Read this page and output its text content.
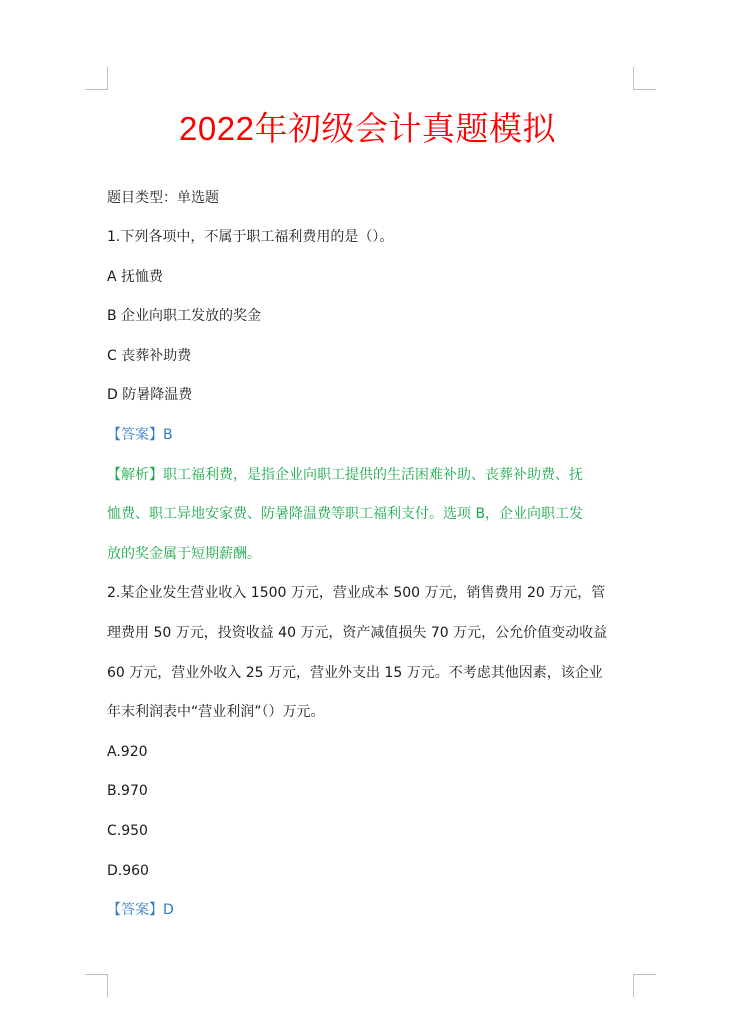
2022年初级会计真题模拟

题目类型：单选题

1.下列各项中，不属于职工福利费用的是（）。

A 抚恤费

B 企业向职工发放的奖金

C 丧葬补助费

D 防暑降温费

【答案】B

【解析】职工福利费，是指企业向职工提供的生活困难补助、丧葬补助费、抚

恤费、职工异地安家费、防暑降温费等职工福利支付。选项 B，企业向职工发

放的奖金属于短期薪酬。

2.某企业发生营业收入 1500 万元，营业成本 500 万元，销售费用 20 万元，管

理费用 50 万元，投资收益 40 万元，资产减值损失 70 万元，公允价值变动收益

60 万元，营业外收入 25 万元，营业外支出 15 万元。不考虑其他因素，该企业

年末利润表中“营业利润”（）万元。

A.920

B.970

C.950

D.960

【答案】D
